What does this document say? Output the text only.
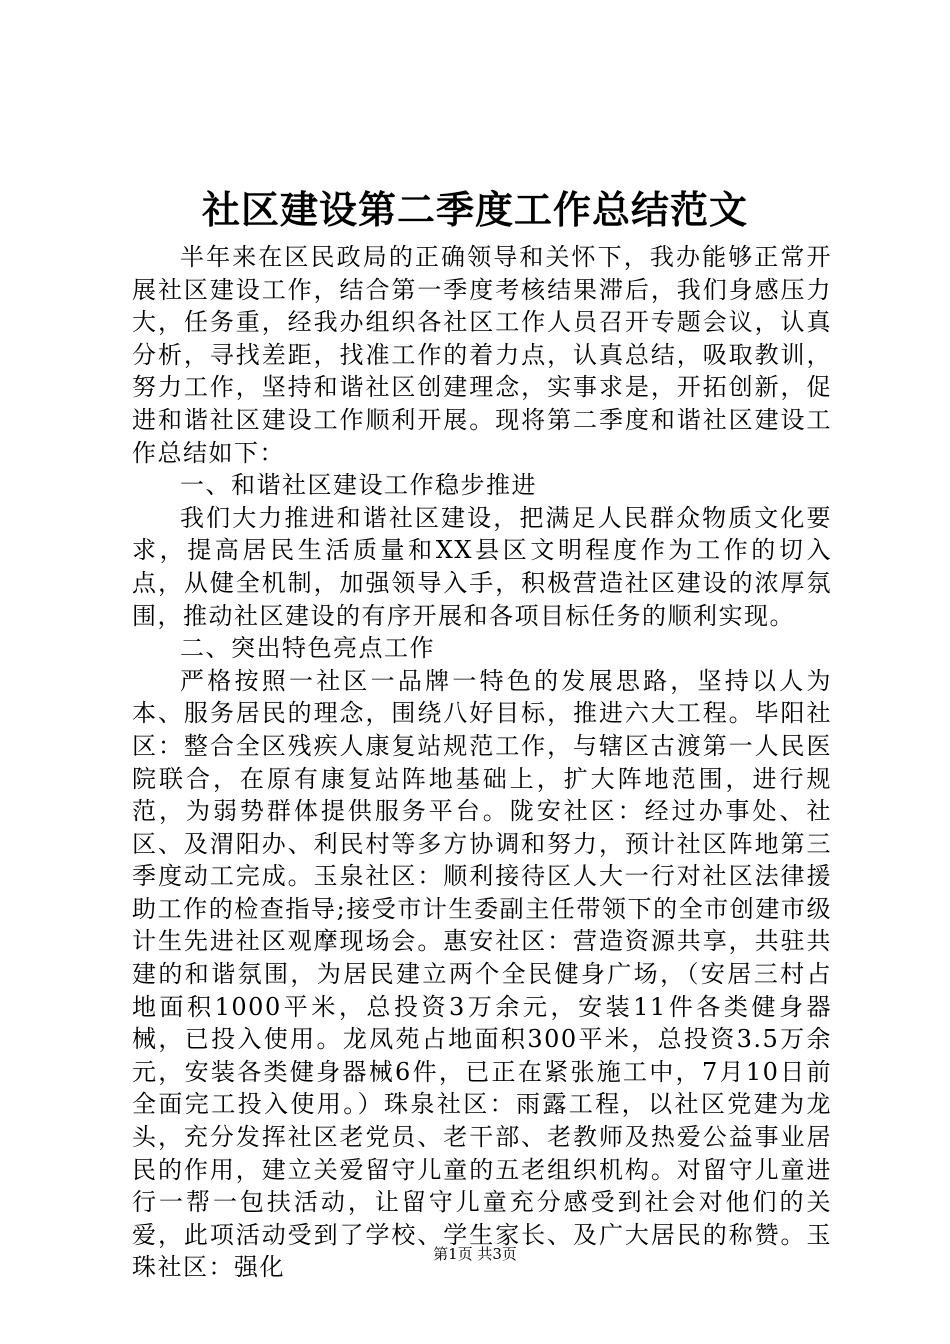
社区建设第二季度工作总结范文

半年来在区民政局的正确领导和关怀下，我办能够正常开展社区建设工作，结合第一季度考核结果滞后，我们身感压力大，任务重，经我办组织各社区工作人员召开专题会议，认真分析，寻找差距，找准工作的着力点，认真总结，吸取教训，努力工作，坚持和谐社区创建理念，实事求是，开拓创新，促进和谐社区建设工作顺利开展。现将第二季度和谐社区建设工作总结如下：

一、和谐社区建设工作稳步推进

我们大力推进和谐社区建设，把满足人民群众物质文化要求，提高居民生活质量和XX县区文明程度作为工作的切入点，从健全机制，加强领导入手，积极营造社区建设的浓厚氛围，推动社区建设的有序开展和各项目标任务的顺利实现。

二、突出特色亮点工作

严格按照一社区一品牌一特色的发展思路，坚持以人为本、服务居民的理念，围绕八好目标，推进六大工程。毕阳社区：整合全区残疾人康复站规范工作，与辖区古渡第一人民医院联合，在原有康复站阵地基础上，扩大阵地范围，进行规范，为弱势群体提供服务平台。陇安社区：经过办事处、社区、及渭阳办、利民村等多方协调和努力，预计社区阵地第三季度动工完成。玉泉社区：顺利接待区人大一行对社区法律援助工作的检查指导;接受市计生委副主任带领下的全市创建市级计生先进社区观摩现场会。惠安社区：营造资源共享，共驻共建的和谐氛围，为居民建立两个全民健身广场，（安居三村占地面积1000平米，总投资3万余元，安装11件各类健身器械，已投入使用。龙凤苑占地面积300平米，总投资3.5万余元，安装各类健身器械6件，已正在紧张施工中，7月10日前全面完工投入使用。）珠泉社区：雨露工程，以社区党建为龙头，充分发挥社区老党员、老干部、老教师及热爱公益事业居民的作用，建立关爱留守儿童的五老组织机构。对留守儿童进行一帮一包扶活动，让留守儿童充分感受到社会对他们的关爱，此项活动受到了学校、学生家长、及广大居民的称赞。玉珠社区：强化	第1页 共3页
